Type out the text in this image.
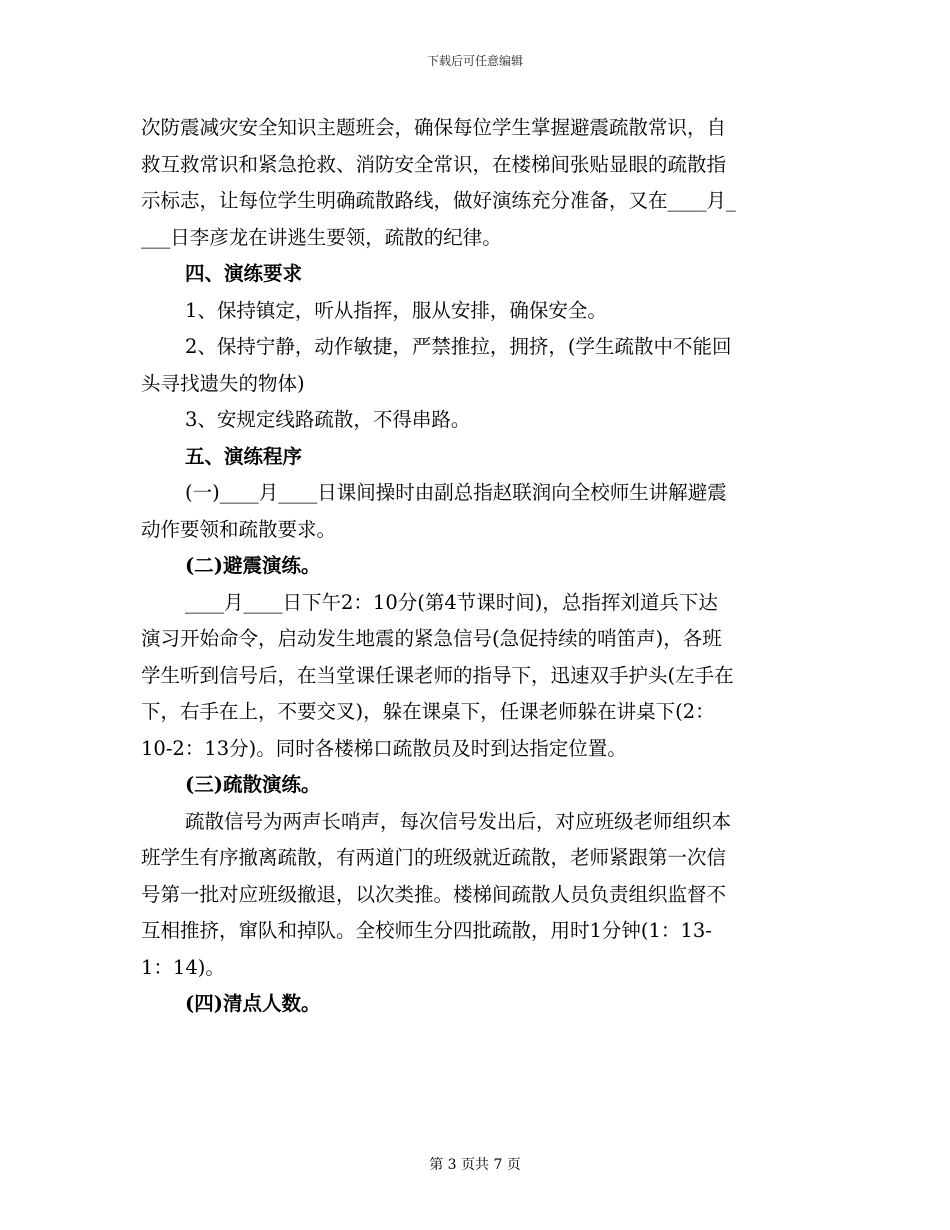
下载后可任意编辑
次防震减灾安全知识主题班会，确保每位学生掌握避震疏散常识，自
救互救常识和紧急抢救、消防安全常识，在楼梯间张贴显眼的疏散指
示标志，让每位学生明确疏散路线，做好演练充分准备，又在____月_
___日李彦龙在讲逃生要领，疏散的纪律。
四、演练要求
1、保持镇定，听从指挥，服从安排，确保安全。
2、保持宁静，动作敏捷，严禁推拉，拥挤，(学生疏散中不能回
头寻找遗失的物体)
3、安规定线路疏散，不得串路。
五、演练程序
(一)____月____日课间操时由副总指赵联润向全校师生讲解避震
动作要领和疏散要求。
(二)避震演练。
____月____日下午2：10分(第4节课时间)，总指挥刘道兵下达
演习开始命令，启动发生地震的紧急信号(急促持续的哨笛声)，各班
学生听到信号后，在当堂课任课老师的指导下，迅速双手护头(左手在
下，右手在上，不要交叉)，躲在课桌下，任课老师躲在讲桌下(2：
10-2：13分)。同时各楼梯口疏散员及时到达指定位置。
(三)疏散演练。
疏散信号为两声长哨声，每次信号发出后，对应班级老师组织本
班学生有序撤离疏散，有两道门的班级就近疏散，老师紧跟第一次信
号第一批对应班级撤退，以次类推。楼梯间疏散人员负责组织监督不
互相推挤，窜队和掉队。全校师生分四批疏散，用时1分钟(1：13-
1：14)。
(四)清点人数。
第 3 页共 7 页
